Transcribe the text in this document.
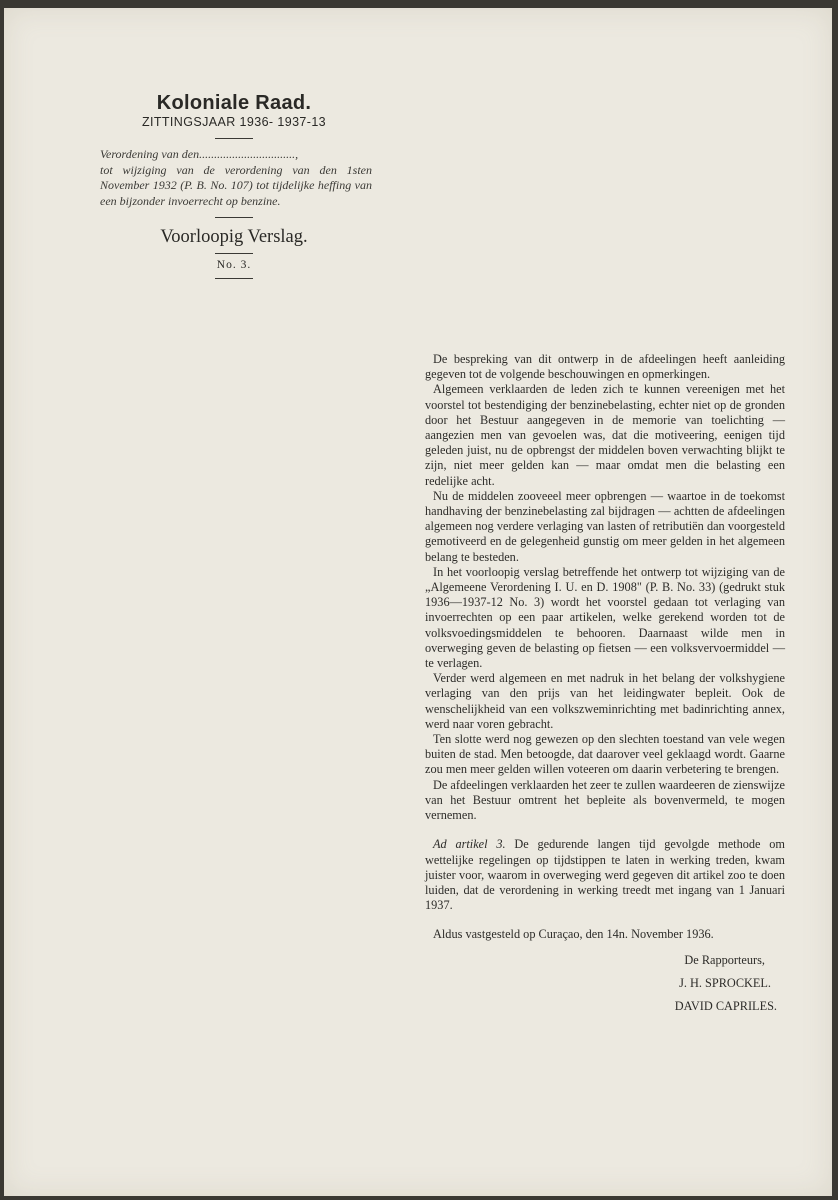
Koloniale Raad.

ZITTINGSJAAR 1936- 1937-13

Verordening van den................................,
tot wijziging van de verordening van den 1sten November 1932 (P. B. No. 107) tot tijdelijke heffing van een bijzonder invoerrecht op benzine.

Voorloopig Verslag.

No. 3.

De bespreking van dit ontwerp in de afdeelingen heeft aanleiding gegeven tot de volgende beschouwingen en opmerkingen.

Algemeen verklaarden de leden zich te kunnen vereenigen met het voorstel tot bestendiging der benzinebelasting, echter niet op de gronden door het Bestuur aangegeven in de memorie van toelichting — aangezien men van gevoelen was, dat die motiveering, eenigen tijd geleden juist, nu de opbrengst der middelen boven verwachting blijkt te zijn, niet meer gelden kan — maar omdat men die belasting een redelijke acht.

Nu de middelen zooveeel meer opbrengen — waartoe in de toekomst handhaving der benzinebelasting zal bijdragen — achtten de afdeelingen algemeen nog verdere verlaging van lasten of retributiën dan voorgesteld gemotiveerd en de gelegenheid gunstig om meer gelden in het algemeen belang te besteden.

In het voorloopig verslag betreffende het ontwerp tot wijziging van de „Algemeene Verordening I. U. en D. 1908" (P. B. No. 33) (gedrukt stuk 1936—1937-12 No. 3) wordt het voorstel gedaan tot verlaging van invoerrechten op een paar artikelen, welke gerekend worden tot de volksvoedingsmiddelen te behooren. Daarnaast wilde men in overweging geven de belasting op fietsen — een volksvervoermiddel — te verlagen.

Verder werd algemeen en met nadruk in het belang der volkshygiene verlaging van den prijs van het leidingwater bepleit. Ook de wenschelijkheid van een volkszweminrichting met badinrichting annex, werd naar voren gebracht.

Ten slotte werd nog gewezen op den slechten toestand van vele wegen buiten de stad. Men betoogde, dat daarover veel geklaagd wordt. Gaarne zou men meer gelden willen voteeren om daarin verbetering te brengen.

De afdeelingen verklaarden het zeer te zullen waardeeren de zienswijze van het Bestuur omtrent het bepleite als bovenvermeld, te mogen vernemen.

Ad artikel 3. De gedurende langen tijd gevolgde methode om wettelijke regelingen op tijdstippen te laten in werking treden, kwam juister voor, waarom in overweging werd gegeven dit artikel zoo te doen luiden, dat de verordening in werking treedt met ingang van 1 Januari 1937.

Aldus vastgesteld op Curaçao, den 14n. November 1936.

De Rapporteurs,

J. H. SPROCKEL.

DAVID CAPRILES.
